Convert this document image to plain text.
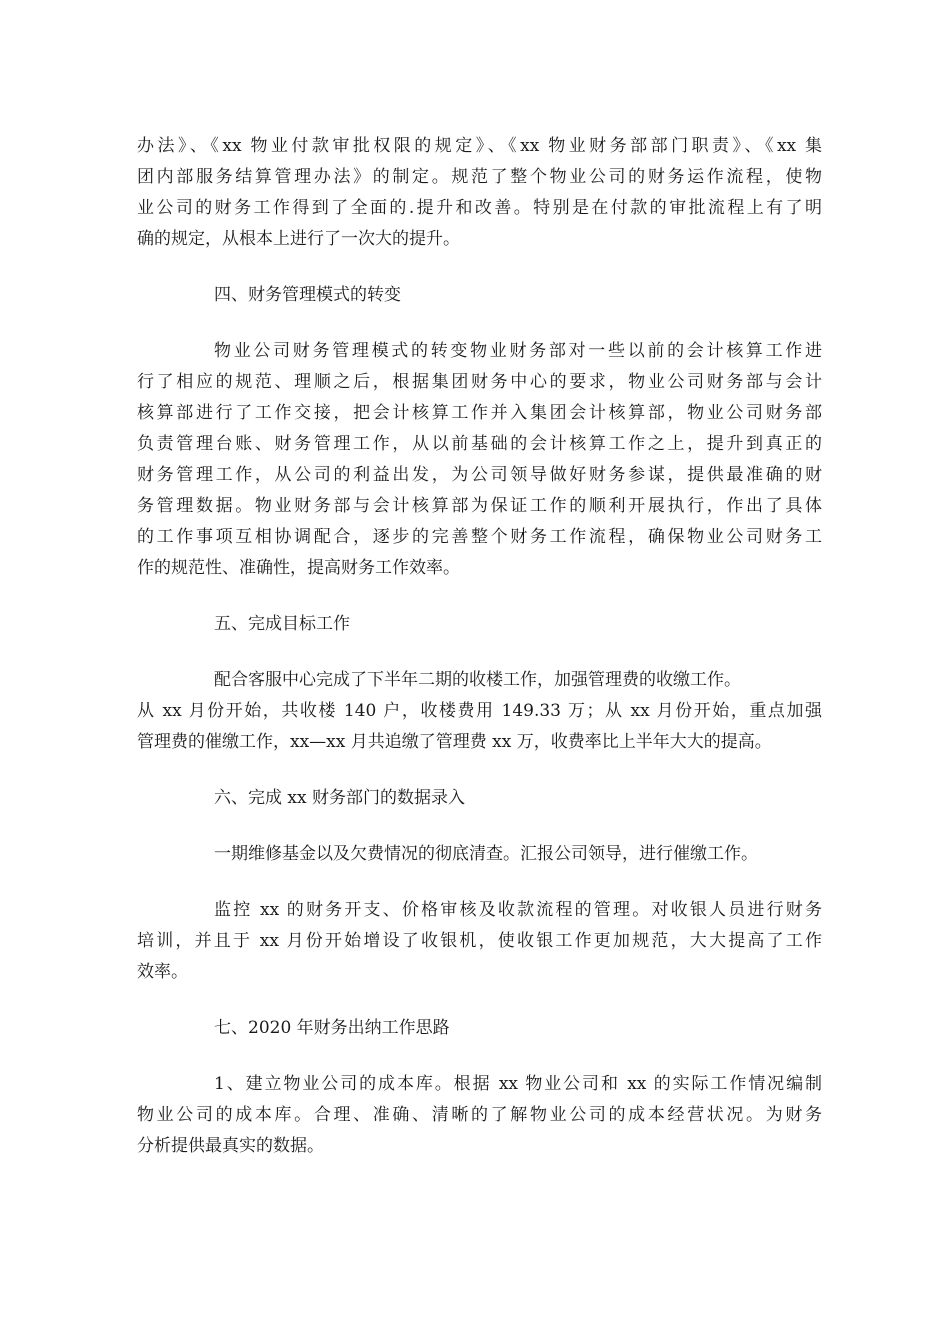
办法》、《xx 物业付款审批权限的规定》、《xx 物业财务部部门职责》、《xx 集
团内部服务结算管理办法》的制定。规范了整个物业公司的财务运作流程，使物
业公司的财务工作得到了全面的.提升和改善。特别是在付款的审批流程上有了明
确的规定，从根本上进行了一次大的提升。
四、财务管理模式的转变
物业公司财务管理模式的转变物业财务部对一些以前的会计核算工作进
行了相应的规范、理顺之后，根据集团财务中心的要求，物业公司财务部与会计
核算部进行了工作交接，把会计核算工作并入集团会计核算部，物业公司财务部
负责管理台账、财务管理工作，从以前基础的会计核算工作之上，提升到真正的
财务管理工作，从公司的利益出发，为公司领导做好财务参谋，提供最准确的财
务管理数据。物业财务部与会计核算部为保证工作的顺利开展执行，作出了具体
的工作事项互相协调配合，逐步的完善整个财务工作流程，确保物业公司财务工
作的规范性、准确性，提高财务工作效率。
五、完成目标工作
配合客服中心完成了下半年二期的收楼工作，加强管理费的收缴工作。
从 xx 月份开始，共收楼 140 户，收楼费用 149.33 万；从 xx 月份开始，重点加强
管理费的催缴工作，xx—xx 月共追缴了管理费 xx 万，收费率比上半年大大的提高。
六、完成 xx 财务部门的数据录入
一期维修基金以及欠费情况的彻底清查。汇报公司领导，进行催缴工作。
监控 xx 的财务开支、价格审核及收款流程的管理。对收银人员进行财务
培训，并且于 xx 月份开始增设了收银机，使收银工作更加规范，大大提高了工作
效率。
七、2020 年财务出纳工作思路
1、建立物业公司的成本库。根据 xx 物业公司和 xx 的实际工作情况编制
物业公司的成本库。合理、准确、清晰的了解物业公司的成本经营状况。为财务
分析提供最真实的数据。
